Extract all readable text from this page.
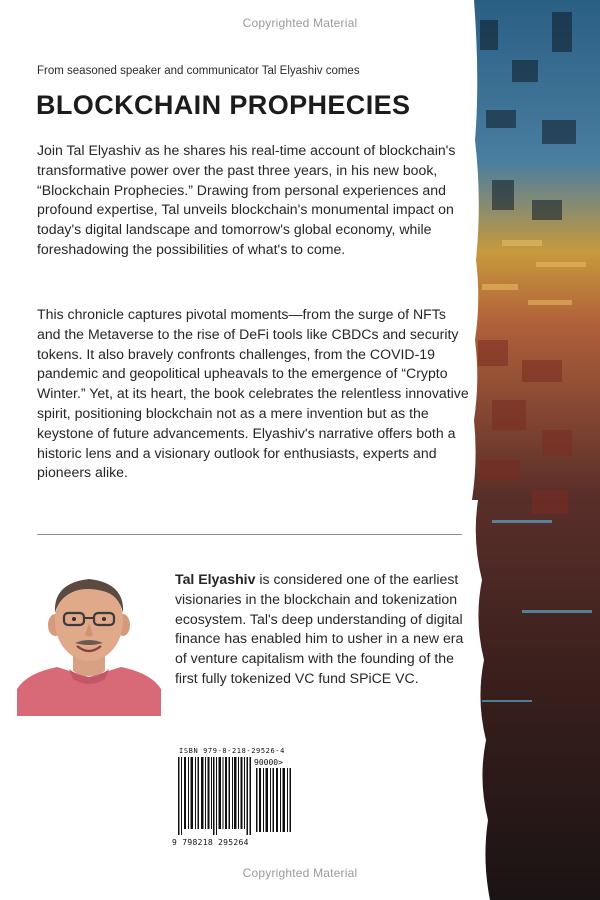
Copyrighted Material
From seasoned speaker and communicator Tal Elyashiv comes
BLOCKCHAIN PROPHECIES

Join Tal Elyashiv as he shares his real-time account of blockchain's transformative power over the past three years, in his new book, “Blockchain Prophecies.” Drawing from personal experiences and profound expertise, Tal unveils blockchain's monumental impact on today's digital landscape and tomorrow's global economy, while foreshadowing the possibilities of what's to come.

This chronicle captures pivotal moments—from the surge of NFTs and the Metaverse to the rise of DeFi tools like CBDCs and security tokens. It also bravely confronts challenges, from the COVID-19 pandemic and geopolitical upheavals to the emergence of “Crypto Winter.” Yet, at its heart, the book celebrates the relentless innovative spirit, positioning blockchain not as a mere invention but as the keystone of future advancements. Elyashiv's narrative offers both a historic lens and a visionary outlook for enthusiasts, experts and pioneers alike.

Tal Elyashiv is considered one of the earliest visionaries in the blockchain and tokenization ecosystem. Tal's deep understanding of digital finance has enabled him to usher in a new era of venture capitalism with the founding of the first fully tokenized VC fund SPiCE VC.

ISBN 979-8-218-29526-4
90000>
9 798218 295264
Copyrighted Material
